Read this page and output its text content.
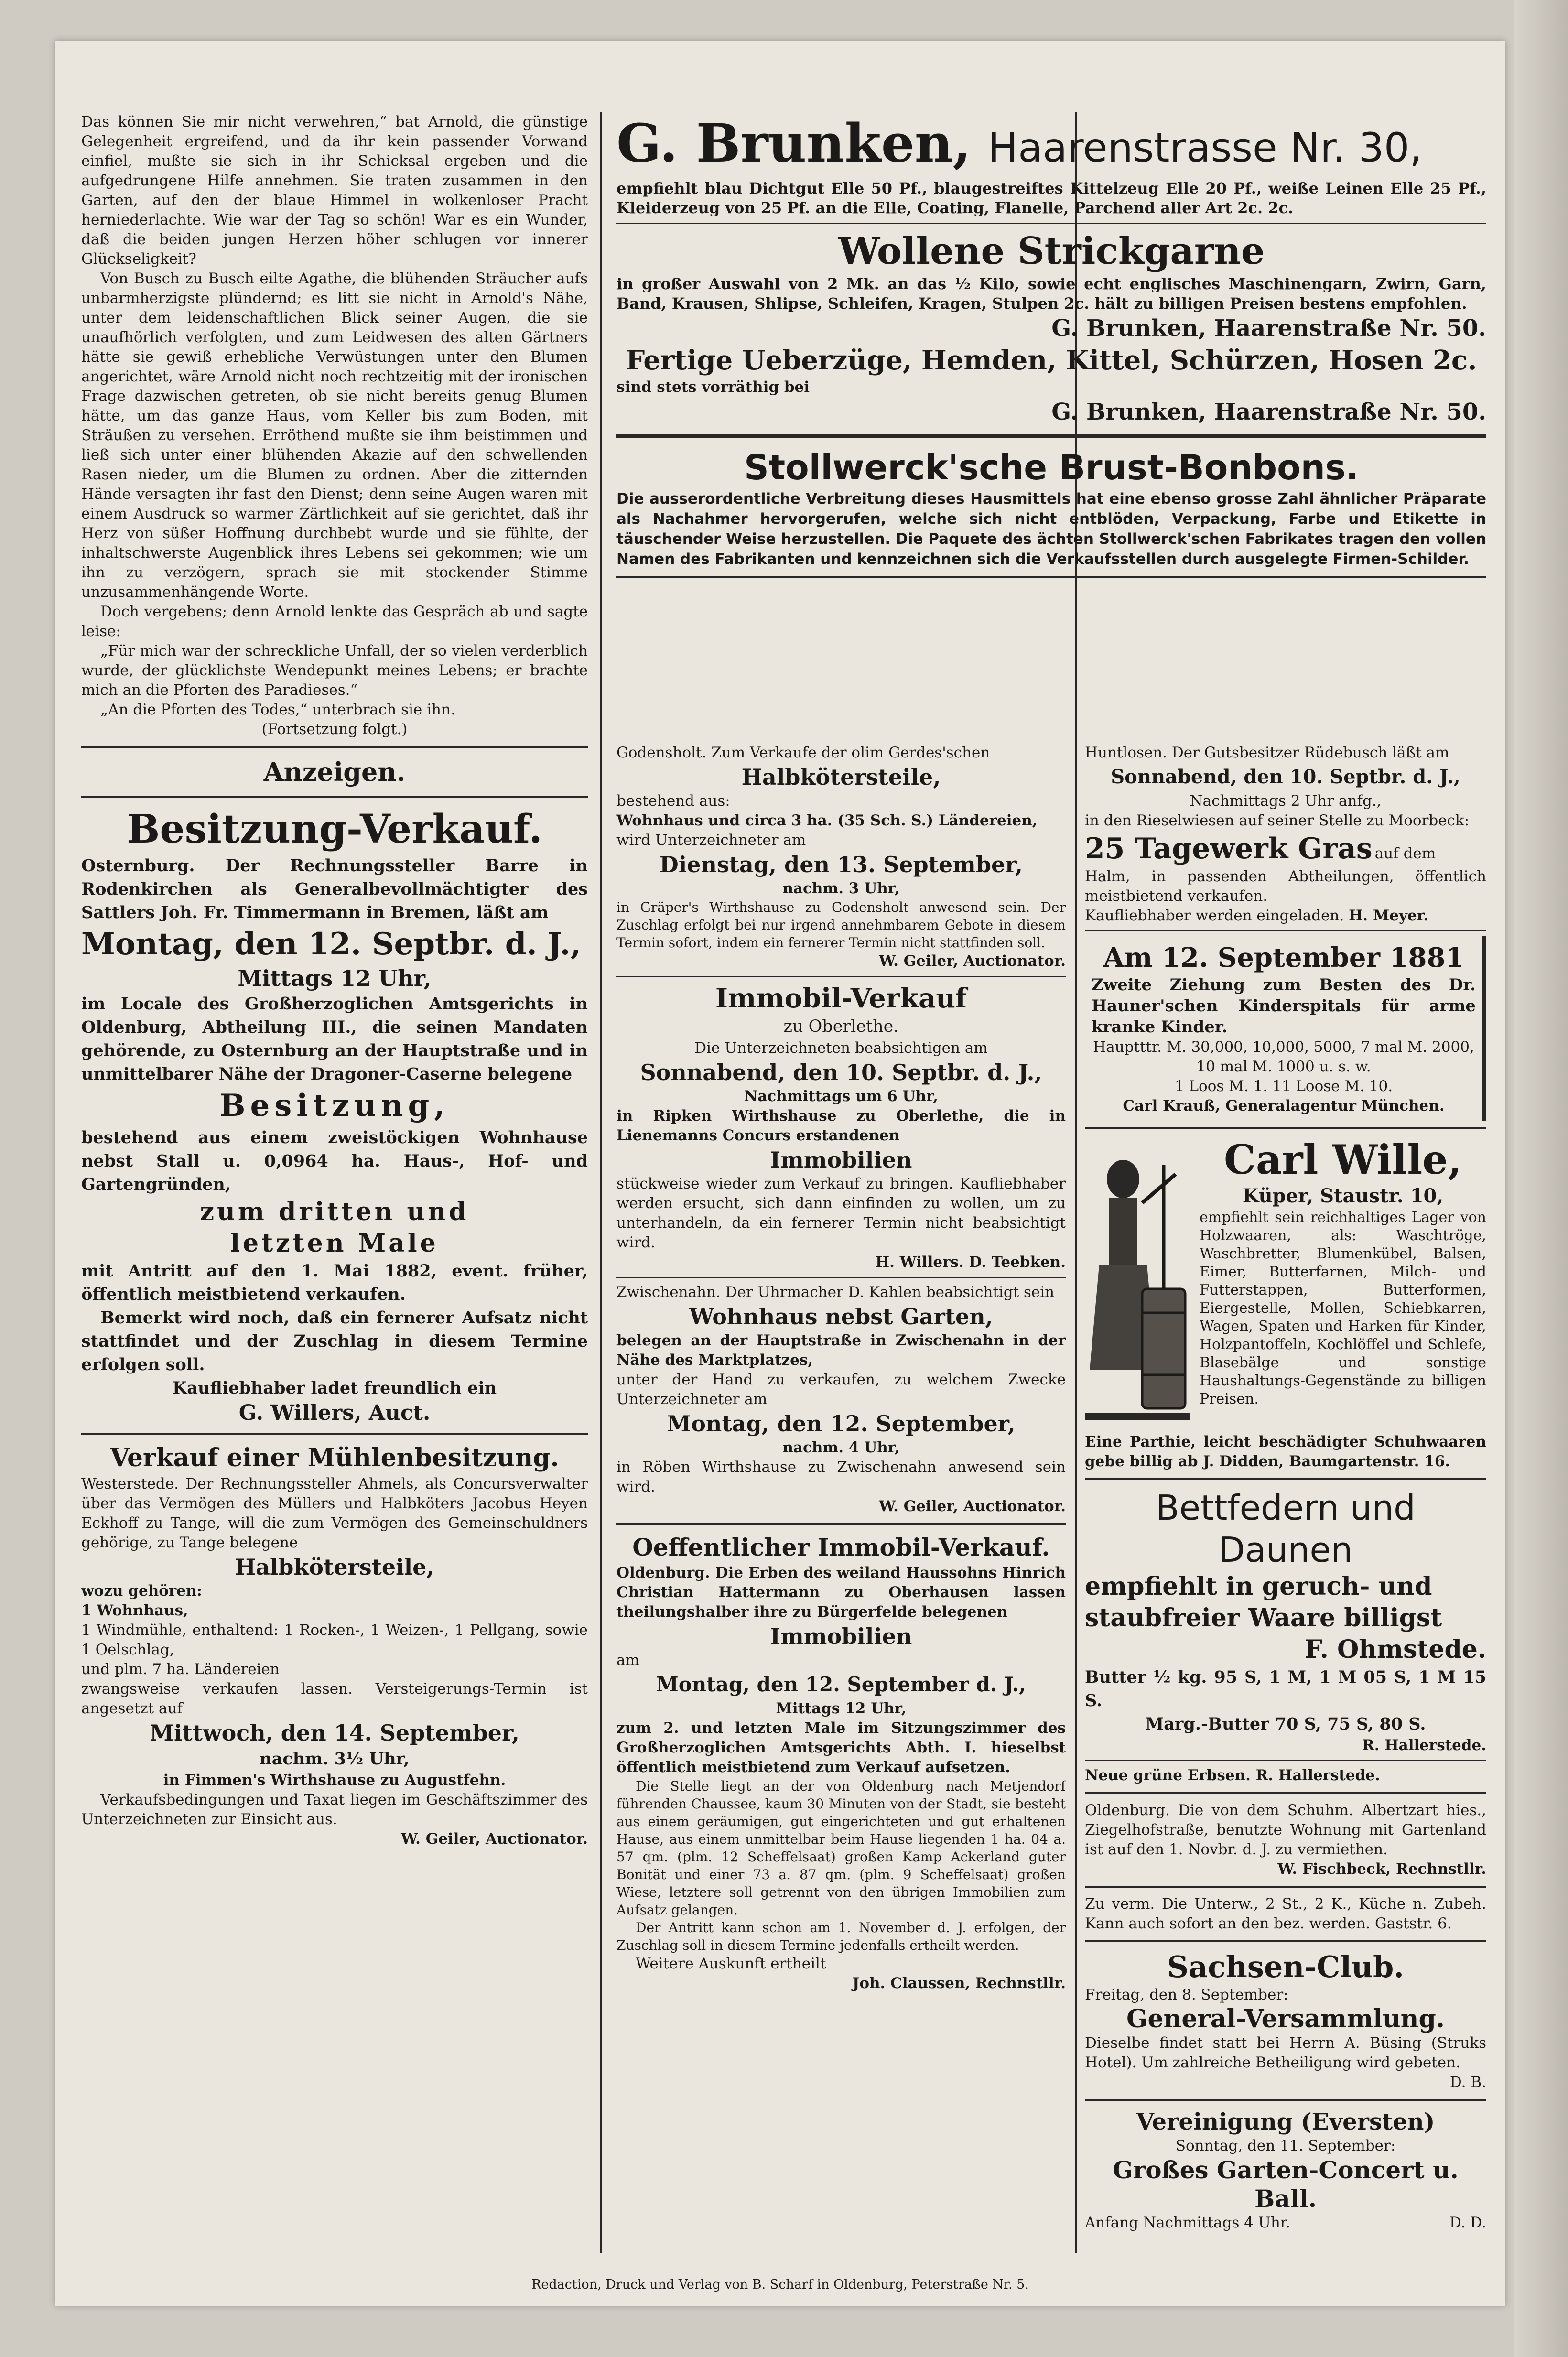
Das können Sie mir nicht verwehren,“ bat Arnold, die günstige Gelegenheit ergreifend, und da ihr kein passender Vorwand einfiel, mußte sie sich in ihr Schicksal ergeben und die aufgedrungene Hilfe annehmen. Sie traten zusammen in den Garten, auf den der blaue Himmel in wolkenloser Pracht herniederlachte. Wie war der Tag so schön! War es ein Wunder, daß die beiden jungen Herzen höher schlugen vor innerer Glückseligkeit?

Von Busch zu Busch eilte Agathe, die blühenden Sträucher aufs unbarmherzigste plündernd; es litt sie nicht in Arnold's Nähe, unter dem leidenschaftlichen Blick seiner Augen, die sie unaufhörlich verfolgten, und zum Leidwesen des alten Gärtners hätte sie gewiß erhebliche Verwüstungen unter den Blumen angerichtet, wäre Arnold nicht noch rechtzeitig mit der ironischen Frage dazwischen getreten, ob sie nicht bereits genug Blumen hätte, um das ganze Haus, vom Keller bis zum Boden, mit Sträußen zu versehen. Erröthend mußte sie ihm beistimmen und ließ sich unter einer blühenden Akazie auf den schwellenden Rasen nieder, um die Blumen zu ordnen. Aber die zitternden Hände versagten ihr fast den Dienst; denn seine Augen waren mit einem Ausdruck so warmer Zärtlichkeit auf sie gerichtet, daß ihr Herz von süßer Hoffnung durchbebt wurde und sie fühlte, der inhaltschwerste Augenblick ihres Lebens sei gekommen; wie um ihn zu verzögern, sprach sie mit stockender Stimme unzusammenhängende Worte.

Doch vergebens; denn Arnold lenkte das Gespräch ab und sagte leise:

„Für mich war der schreckliche Unfall, der so vielen verderblich wurde, der glücklichste Wendepunkt meines Lebens; er brachte mich an die Pforten des Paradieses.“

„An die Pforten des Todes,“ unterbrach sie ihn.

(Fortsetzung folgt.)

Anzeigen.

Besitzung-Verkauf.

Osternburg. Der Rechnungssteller Barre in Rodenkirchen als Generalbevollmächtigter des Sattlers Joh. Fr. Timmermann in Bremen, läßt am

Montag, den 12. Septbr. d. J.,

Mittags 12 Uhr,

im Locale des Großherzoglichen Amtsgerichts in Oldenburg, Abtheilung III., die seinen Mandaten gehörende, zu Osternburg an der Hauptstraße und in unmittelbarer Nähe der Dragoner-Caserne belegene

Besitzung,

bestehend aus einem zweistöckigen Wohnhause nebst Stall u. 0,0964 ha. Haus-, Hof- und Gartengründen,

zum dritten und

letzten Male

mit Antritt auf den 1. Mai 1882, event. früher, öffentlich meistbietend verkaufen.

Bemerkt wird noch, daß ein fernerer Aufsatz nicht stattfindet und der Zuschlag in diesem Termine erfolgen soll.

Kaufliebhaber ladet freundlich ein

G. Willers, Auct.

Verkauf einer Mühlenbesitzung.

Westerstede. Der Rechnungssteller Ahmels, als Concursverwalter über das Vermögen des Müllers und Halbköters Jacobus Heyen Eckhoff zu Tange, will die zum Vermögen des Gemeinschuldners gehörige, zu Tange belegene

Halbkötersteile,

wozu gehören:

1 Wohnhaus,

1 Windmühle, enthaltend: 1 Rocken-, 1 Weizen-, 1 Pellgang, sowie 1 Oelschlag,

und plm. 7 ha. Ländereien

zwangsweise verkaufen lassen. Versteigerungs-Termin ist angesetzt auf

Mittwoch, den 14. September,

nachm. 3½ Uhr,

in Fimmen's Wirthshause zu Augustfehn.

Verkaufsbedingungen und Taxat liegen im Geschäftszimmer des Unterzeichneten zur Einsicht aus.

W. Geiler, Auctionator.

G. Brunken, Haarenstrasse Nr. 30,

empfiehlt blau Dichtgut Elle 50 Pf., blaugestreiftes Kittelzeug Elle 20 Pf., weiße Leinen Elle 25 Pf., Kleiderzeug von 25 Pf. an die Elle, Coating, Flanelle, Parchend aller Art 2c. 2c.

Wollene Strickgarne

in großer Auswahl von 2 Mk. an das ½ Kilo, sowie echt englisches Maschinengarn, Zwirn, Garn, Band, Krausen, Shlipse, Schleifen, Kragen, Stulpen 2c. hält zu billigen Preisen bestens empfohlen.

G. Brunken, Haarenstraße Nr. 50.

Fertige Ueberzüge, Hemden, Kittel, Schürzen, Hosen 2c.

sind stets vorräthig bei

G. Brunken, Haarenstraße Nr. 50.

Stollwerck'sche Brust-Bonbons.

Die ausserordentliche Verbreitung dieses Hausmittels hat eine ebenso grosse Zahl ähnlicher Präparate als Nachahmer hervorgerufen, welche sich nicht entblöden, Verpackung, Farbe und Etikette in täuschender Weise herzustellen. Die Paquete des ächten Stollwerck'schen Fabrikates tragen den vollen Namen des Fabrikanten und kennzeichnen sich die Verkaufsstellen durch ausgelegte Firmen-Schilder.

Godensholt. Zum Verkaufe der olim Gerdes'schen

Halbkötersteile,

bestehend aus:

Wohnhaus und circa 3 ha. (35 Sch. S.) Ländereien,

wird Unterzeichneter am

Dienstag, den 13. September,

nachm. 3 Uhr,

in Gräper's Wirthshause zu Godensholt anwesend sein. Der Zuschlag erfolgt bei nur irgend annehmbarem Gebote in diesem Termin sofort, indem ein fernerer Termin nicht stattfinden soll.

W. Geiler, Auctionator.

Immobil-Verkauf

zu Oberlethe.

Die Unterzeichneten beabsichtigen am

Sonnabend, den 10. Septbr. d. J.,

Nachmittags um 6 Uhr,

in Ripken Wirthshause zu Oberlethe, die in Lienemanns Concurs erstandenen

Immobilien

stückweise wieder zum Verkauf zu bringen. Kaufliebhaber werden ersucht, sich dann einfinden zu wollen, um zu unterhandeln, da ein fernerer Termin nicht beabsichtigt wird.

H. Willers. D. Teebken.

Zwischenahn. Der Uhrmacher D. Kahlen beabsichtigt sein

Wohnhaus nebst Garten,

belegen an der Hauptstraße in Zwischenahn in der Nähe des Marktplatzes,

unter der Hand zu verkaufen, zu welchem Zwecke Unterzeichneter am

Montag, den 12. September,

nachm. 4 Uhr,

in Röben Wirthshause zu Zwischenahn anwesend sein wird.

W. Geiler, Auctionator.

Oeffentlicher Immobil-Verkauf.

Oldenburg. Die Erben des weiland Haussohns Hinrich Christian Hattermann zu Oberhausen lassen theilungshalber ihre zu Bürgerfelde belegenen

Immobilien

am

Montag, den 12. September d. J.,

Mittags 12 Uhr,

zum 2. und letzten Male im Sitzungszimmer des Großherzoglichen Amtsgerichts Abth. I. hieselbst öffentlich meistbietend zum Verkauf aufsetzen.

Die Stelle liegt an der von Oldenburg nach Metjendorf führenden Chaussee, kaum 30 Minuten von der Stadt, sie besteht aus einem geräumigen, gut eingerichteten und gut erhaltenen Hause, aus einem unmittelbar beim Hause liegenden 1 ha. 04 a. 57 qm. (plm. 12 Scheffelsaat) großen Kamp Ackerland guter Bonität und einer 73 a. 87 qm. (plm. 9 Scheffelsaat) großen Wiese, letztere soll getrennt von den übrigen Immobilien zum Aufsatz gelangen.

Der Antritt kann schon am 1. November d. J. erfolgen, der Zuschlag soll in diesem Termine jedenfalls ertheilt werden.

Weitere Auskunft ertheilt

Joh. Claussen, Rechnstllr.

Huntlosen. Der Gutsbesitzer Rüdebusch läßt am

Sonnabend, den 10. Septbr. d. J.,

Nachmittags 2 Uhr anfg.,

in den Rieselwiesen auf seiner Stelle zu Moorbeck:

25 Tagewerk Gras auf dem

Halm, in passenden Abtheilungen, öffentlich meistbietend verkaufen.

Kaufliebhaber werden eingeladen. H. Meyer.

Am 12. September 1881

Zweite Ziehung zum Besten des Dr. Hauner'schen Kinderspitals für arme kranke Kinder.

Hauptttr. M. 30,000, 10,000, 5000, 7 mal M. 2000, 10 mal M. 1000 u. s. w.

1 Loos M. 1. 11 Loose M. 10.

Carl Krauß, Generalagentur München.

Carl Wille,

Küper, Staustr. 10,

empfiehlt sein reichhaltiges Lager von Holzwaaren, als: Waschtröge, Waschbretter, Blumenkübel, Balsen, Eimer, Butterfarnen, Milch- und Futterstappen, Butterformen, Eiergestelle, Mollen, Schiebkarren, Wagen, Spaten und Harken für Kinder, Holzpantoffeln, Kochlöffel und Schlefe, Blasebälge und sonstige Haushaltungs-Gegenstände zu billigen Preisen.

Eine Parthie, leicht beschädigter Schuhwaaren gebe billig ab J. Didden, Baumgartenstr. 16.

Bettfedern und Daunen

empfiehlt in geruch- und staubfreier Waare billigst

F. Ohmstede.

Butter ½ kg. 95 S, 1 M, 1 M 05 S, 1 M 15 S.

Marg.-Butter 70 S, 75 S, 80 S.

R. Hallerstede.

Neue grüne Erbsen. R. Hallerstede.

Oldenburg. Die von dem Schuhm. Albertzart hies., Ziegelhofstraße, benutzte Wohnung mit Gartenland ist auf den 1. Novbr. d. J. zu vermiethen.

W. Fischbeck, Rechnstllr.

Zu verm. Die Unterw., 2 St., 2 K., Küche n. Zubeh. Kann auch sofort an den bez. werden. Gaststr. 6.

Sachsen-Club.

Freitag, den 8. September:

General-Versammlung.

Dieselbe findet statt bei Herrn A. Büsing (Struks Hotel). Um zahlreiche Betheiligung wird gebeten.

D. B.

Vereinigung (Eversten)

Sonntag, den 11. September:

Großes Garten-Concert u. Ball.

Anfang Nachmittags 4 Uhr.	D. D.

Redaction, Druck und Verlag von B. Scharf in Oldenburg, Peterstraße Nr. 5.
